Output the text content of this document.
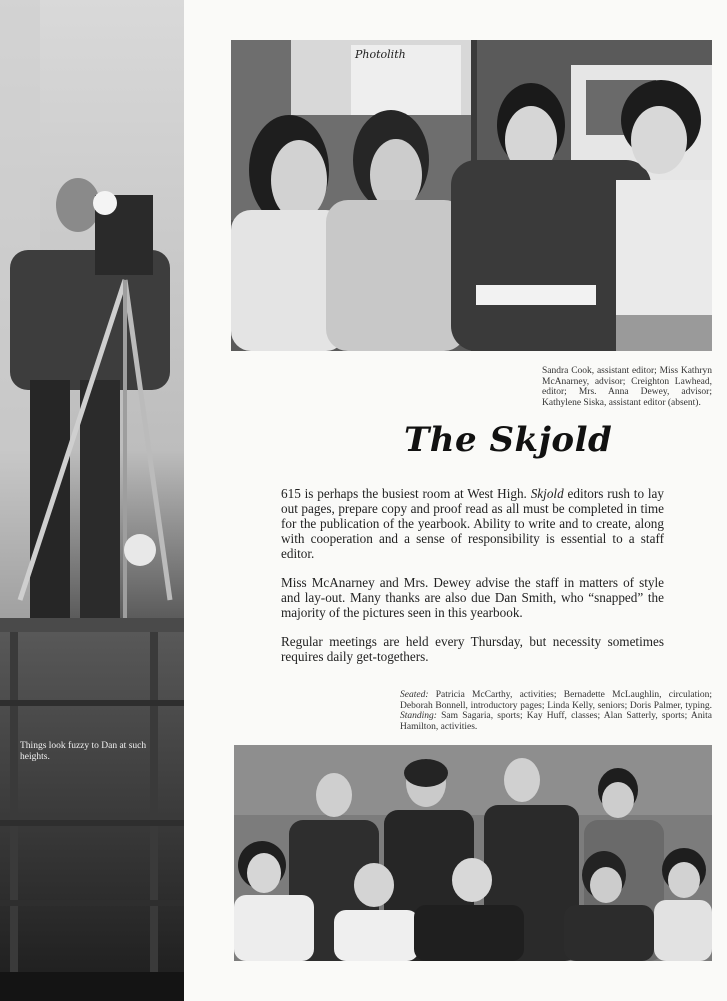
Photolith
Sandra Cook, assistant editor; Miss Kathryn McAnarney, advisor; Creighton Lawhead, editor; Mrs. Anna Dewey, advisor; Kathylene Siska, assistant editor (absent).
The Skjold

615 is perhaps the busiest room at West High. Skjold editors rush to lay out pages, prepare copy and proof read as all must be completed in time for the publication of the yearbook. Ability to write and to create, along with cooperation and a sense of responsibility is essential to a staff editor.

Miss McAnarney and Mrs. Dewey advise the staff in matters of style and lay-out. Many thanks are also due Dan Smith, who “snapped” the majority of the pictures seen in this yearbook.

Regular meetings are held every Thursday, but necessity sometimes requires daily get-togethers.

Seated: Patricia McCarthy, activities; Bernadette McLaughlin, circulation; Deborah Bonnell, introductory pages; Linda Kelly, seniors; Doris Palmer, typing. Standing: Sam Sagaria, sports; Kay Huff, classes; Alan Satterly, sports; Anita Hamilton, activities.
Things look fuzzy to Dan at such heights.
